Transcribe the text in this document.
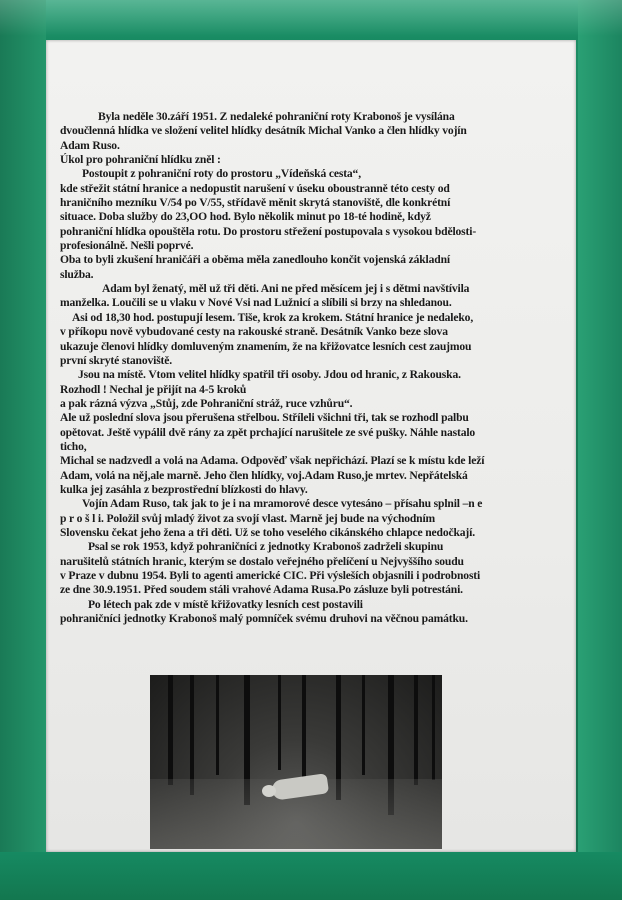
Byla neděle 30.září 1951. Z nedaleké pohraniční roty Krabonoš je vysílána
dvoučlenná hlídka ve složení velitel hlídky desátník Michal Vanko a člen hlídky vojín
Adam Ruso.
Úkol pro pohraniční hlídku zněl :
Postoupit z pohraniční roty do prostoru „Vídeňská cesta“,
kde střežit státní hranice a nedopustit narušení v úseku oboustranně této cesty od
hraničního mezníku V/54 po V/55, střídavě měnit skrytá stanoviště, dle konkrétní
situace. Doba služby do 23,OO hod. Bylo několik minut po 18-té hodině, když
pohraniční hlídka opouštěla rotu. Do prostoru střežení postupovala s vysokou bdělosti-
profesionálně. Nešli poprvé.
Oba to byli zkušení hraničáři a oběma měla zanedlouho končit vojenská základní
služba.
Adam byl ženatý, měl už tři děti. Ani ne před měsícem jej i s dětmi navštívila
manželka. Loučili se u vlaku v Nové Vsi nad Lužnicí a slíbili si brzy na shledanou.
Asi od 18,30 hod. postupují lesem. Tiše, krok za krokem. Státní hranice je nedaleko,
v příkopu nově vybudované cesty na rakouské straně. Desátník Vanko beze slova
ukazuje členovi hlídky domluveným znamením, že na křižovatce lesních cest zaujmou
první skryté stanoviště.
Jsou na místě. Vtom velitel hlídky spatřil tři osoby. Jdou od hranic, z Rakouska.
Rozhodl ! Nechal je přijít na 4-5 kroků
a pak rázná výzva „Stůj, zde Pohraniční stráž, ruce vzhůru“.
Ale už poslední slova jsou přerušena střelbou. Stříleli všichni tři, tak se rozhodl palbu
opětovat. Ještě vypálil dvě rány za zpět prchající narušitele ze své pušky. Náhle nastalo
ticho,
Michal se nadzvedl a volá na Adama. Odpověď však nepřichází. Plazí se k místu kde leží
Adam, volá na něj,ale marně. Jeho člen hlídky, voj.Adam Ruso,je mrtev. Nepřátelská
kulka jej zasáhla z bezprostřední blízkosti do hlavy.
Vojín Adam Ruso, tak jak to je i na mramorové desce vytesáno – přísahu splnil –n e
p r o š l i. Položil svůj mladý život za svojí vlast. Marně jej bude na východním
Slovensku čekat jeho žena a tři děti. Už se toho veselého cikánského chlapce nedočkají.
Psal se rok 1953, když pohraničníci z jednotky Krabonoš zadrželi skupinu
narušitelů státních hranic, kterým se dostalo veřejného přelíčení u Nejvyššího soudu
v Praze v dubnu 1954. Byli to agenti americké CIC. Při výsleších objasnili i podrobnosti
ze dne 30.9.1951. Před soudem stáli vrahové Adama Rusa.Po zásluze byli potrestáni.
Po létech pak zde v místě křižovatky lesních cest postavili
pohraničníci jednotky Krabonoš malý pomníček svému druhovi na věčnou památku.
